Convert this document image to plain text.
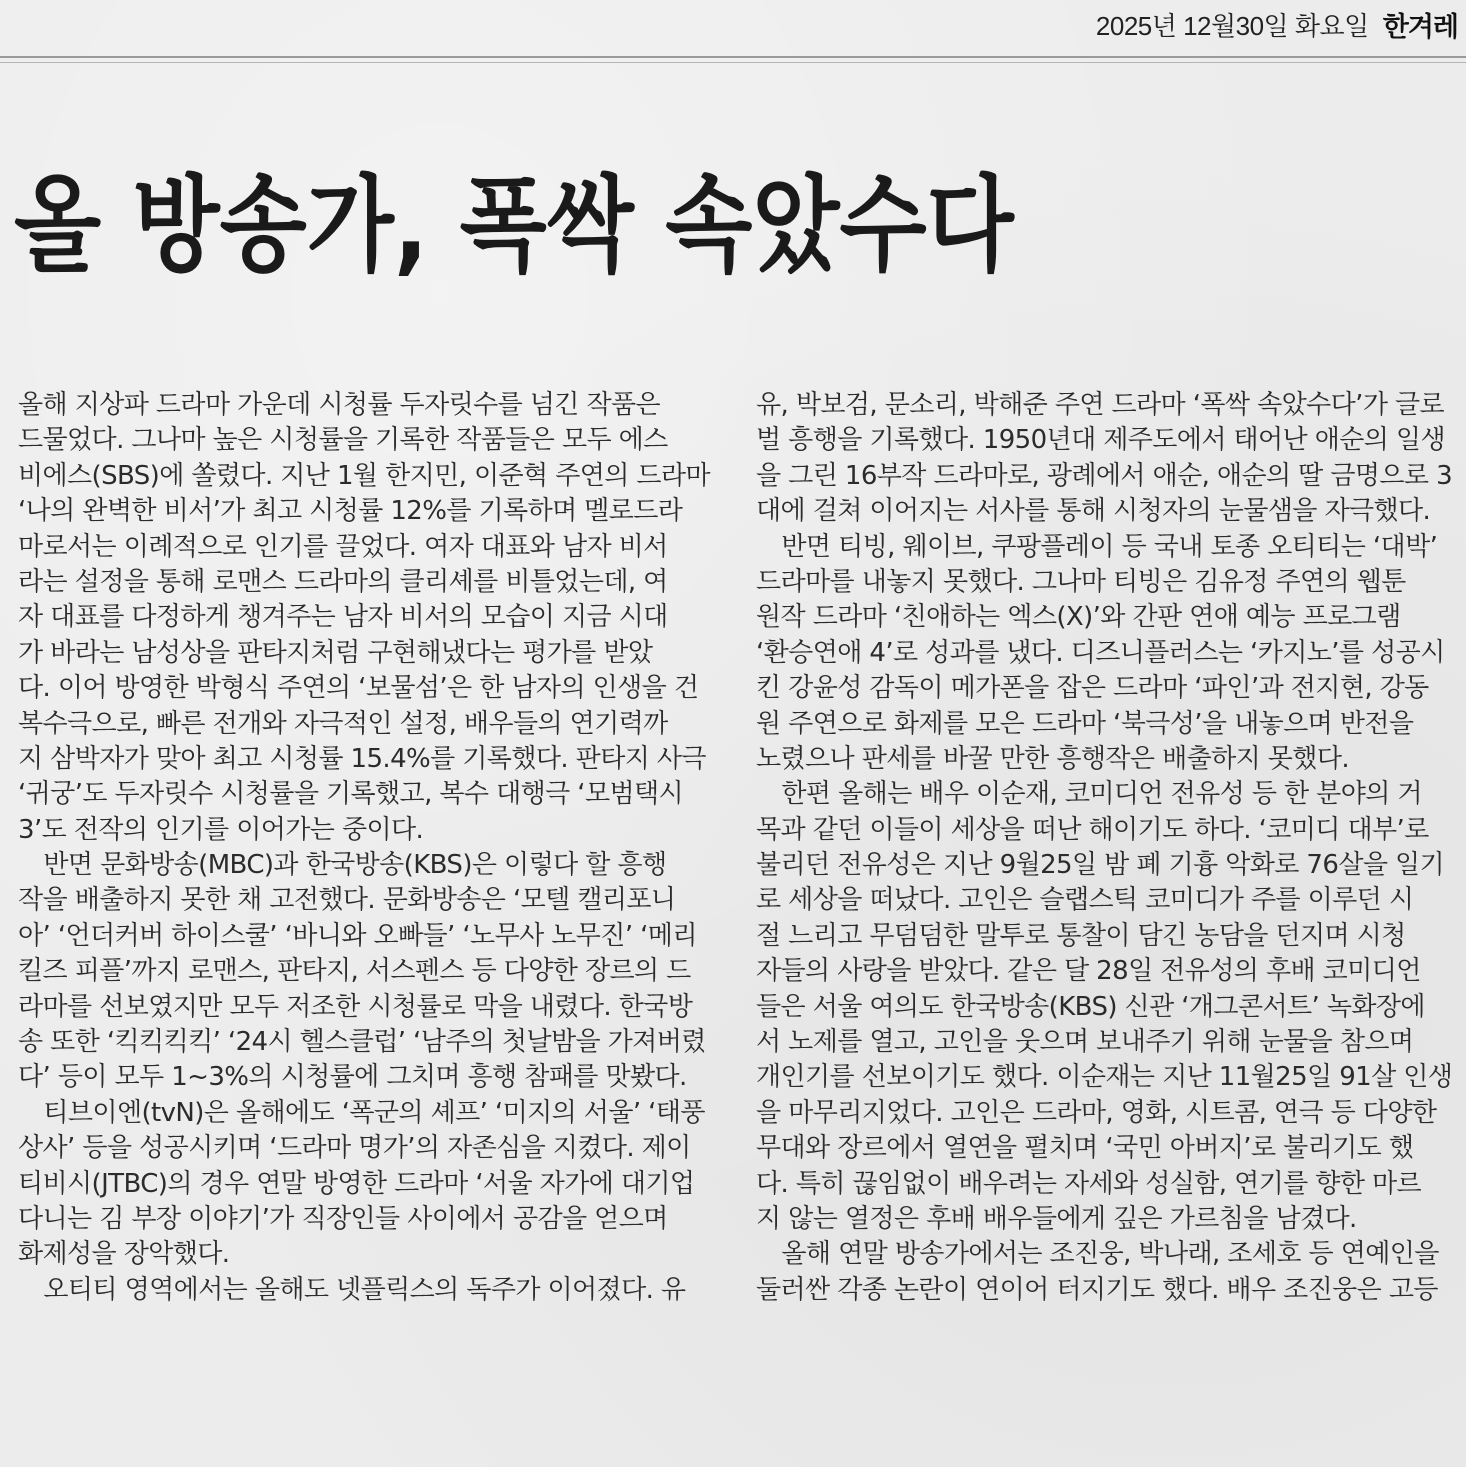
2025년 12월30일 화요일 한겨레
올 방송가, 폭싹 속았수다
올해 지상파 드라마 가운데 시청률 두자릿수를 넘긴 작품은
드물었다. 그나마 높은 시청률을 기록한 작품들은 모두 에스
비에스(SBS)에 쏠렸다. 지난 1월 한지민, 이준혁 주연의 드라마
‘나의 완벽한 비서’가 최고 시청률 12%를 기록하며 멜로드라
마로서는 이례적으로 인기를 끌었다. 여자 대표와 남자 비서
라는 설정을 통해 로맨스 드라마의 클리셰를 비틀었는데, 여
자 대표를 다정하게 챙겨주는 남자 비서의 모습이 지금 시대
가 바라는 남성상을 판타지처럼 구현해냈다는 평가를 받았
다. 이어 방영한 박형식 주연의 ‘보물섬’은 한 남자의 인생을 건
복수극으로, 빠른 전개와 자극적인 설정, 배우들의 연기력까
지 삼박자가 맞아 최고 시청률 15.4%를 기록했다. 판타지 사극
‘귀궁’도 두자릿수 시청률을 기록했고, 복수 대행극 ‘모범택시
3’도 전작의 인기를 이어가는 중이다.
　반면 문화방송(MBC)과 한국방송(KBS)은 이렇다 할 흥행
작을 배출하지 못한 채 고전했다. 문화방송은 ‘모텔 캘리포니
아’ ‘언더커버 하이스쿨’ ‘바니와 오빠들’ ‘노무사 노무진’ ‘메리
킬즈 피플’까지 로맨스, 판타지, 서스펜스 등 다양한 장르의 드
라마를 선보였지만 모두 저조한 시청률로 막을 내렸다. 한국방
송 또한 ‘킥킥킥킥’ ‘24시 헬스클럽’ ‘남주의 첫날밤을 가져버렸
다’ 등이 모두 1~3%의 시청률에 그치며 흥행 참패를 맛봤다.
　티브이엔(tvN)은 올해에도 ‘폭군의 셰프’ ‘미지의 서울’ ‘태풍
상사’ 등을 성공시키며 ‘드라마 명가’의 자존심을 지켰다. 제이
티비시(JTBC)의 경우 연말 방영한 드라마 ‘서울 자가에 대기업
다니는 김 부장 이야기’가 직장인들 사이에서 공감을 얻으며
화제성을 장악했다.
　오티티 영역에서는 올해도 넷플릭스의 독주가 이어졌다. 유
유, 박보검, 문소리, 박해준 주연 드라마 ‘폭싹 속았수다’가 글로
벌 흥행을 기록했다. 1950년대 제주도에서 태어난 애순의 일생
을 그린 16부작 드라마로, 광례에서 애순, 애순의 딸 금명으로 3
대에 걸쳐 이어지는 서사를 통해 시청자의 눈물샘을 자극했다.
　반면 티빙, 웨이브, 쿠팡플레이 등 국내 토종 오티티는 ‘대박’
드라마를 내놓지 못했다. 그나마 티빙은 김유정 주연의 웹툰
원작 드라마 ‘친애하는 엑스(X)’와 간판 연애 예능 프로그램
‘환승연애 4’로 성과를 냈다. 디즈니플러스는 ‘카지노’를 성공시
킨 강윤성 감독이 메가폰을 잡은 드라마 ‘파인’과 전지현, 강동
원 주연으로 화제를 모은 드라마 ‘북극성’을 내놓으며 반전을
노렸으나 판세를 바꿀 만한 흥행작은 배출하지 못했다.
　한편 올해는 배우 이순재, 코미디언 전유성 등 한 분야의 거
목과 같던 이들이 세상을 떠난 해이기도 하다. ‘코미디 대부’로
불리던 전유성은 지난 9월25일 밤 폐 기흉 악화로 76살을 일기
로 세상을 떠났다. 고인은 슬랩스틱 코미디가 주를 이루던 시
절 느리고 무덤덤한 말투로 통찰이 담긴 농담을 던지며 시청
자들의 사랑을 받았다. 같은 달 28일 전유성의 후배 코미디언
들은 서울 여의도 한국방송(KBS) 신관 ‘개그콘서트’ 녹화장에
서 노제를 열고, 고인을 웃으며 보내주기 위해 눈물을 참으며
개인기를 선보이기도 했다. 이순재는 지난 11월25일 91살 인생
을 마무리지었다. 고인은 드라마, 영화, 시트콤, 연극 등 다양한
무대와 장르에서 열연을 펼치며 ‘국민 아버지’로 불리기도 했
다. 특히 끊임없이 배우려는 자세와 성실함, 연기를 향한 마르
지 않는 열정은 후배 배우들에게 깊은 가르침을 남겼다.
　올해 연말 방송가에서는 조진웅, 박나래, 조세호 등 연예인을
둘러싼 각종 논란이 연이어 터지기도 했다. 배우 조진웅은 고등
